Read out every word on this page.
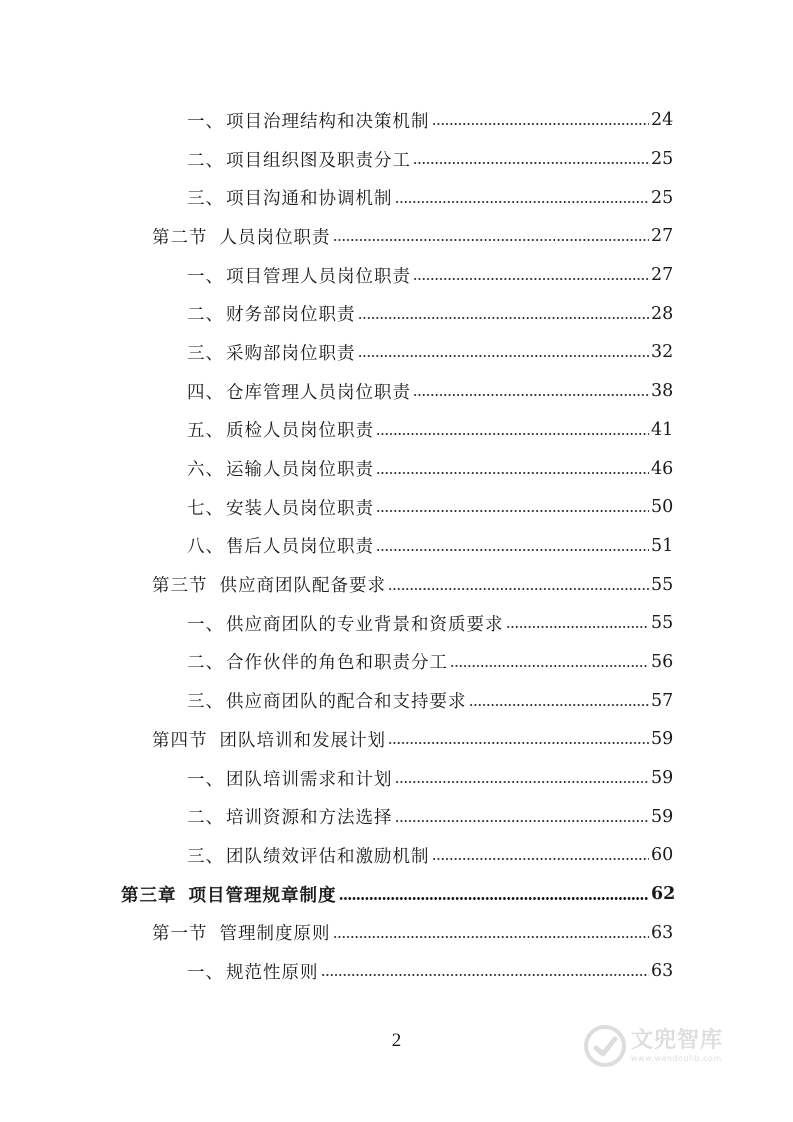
一、 项目治理结构和决策机制	24
二、 项目组织图及职责分工	25
三、 项目沟通和协调机制	25
第二节 人员岗位职责	27
一、 项目管理人员岗位职责	27
二、 财务部岗位职责	28
三、 采购部岗位职责	32
四、 仓库管理人员岗位职责	38
五、 质检人员岗位职责	41
六、 运输人员岗位职责	46
七、 安装人员岗位职责	50
八、 售后人员岗位职责	51
第三节 供应商团队配备要求	55
一、 供应商团队的专业背景和资质要求	55
二、 合作伙伴的角色和职责分工	56
三、 供应商团队的配合和支持要求	57
第四节 团队培训和发展计划	59
一、 团队培训需求和计划	59
二、 培训资源和方法选择	59
三、 团队绩效评估和激励机制	60
第三章 项目管理规章制度	62
第一节 管理制度原则	63
一、 规范性原则	63
2	文兜智库
www.wendoulib.com
